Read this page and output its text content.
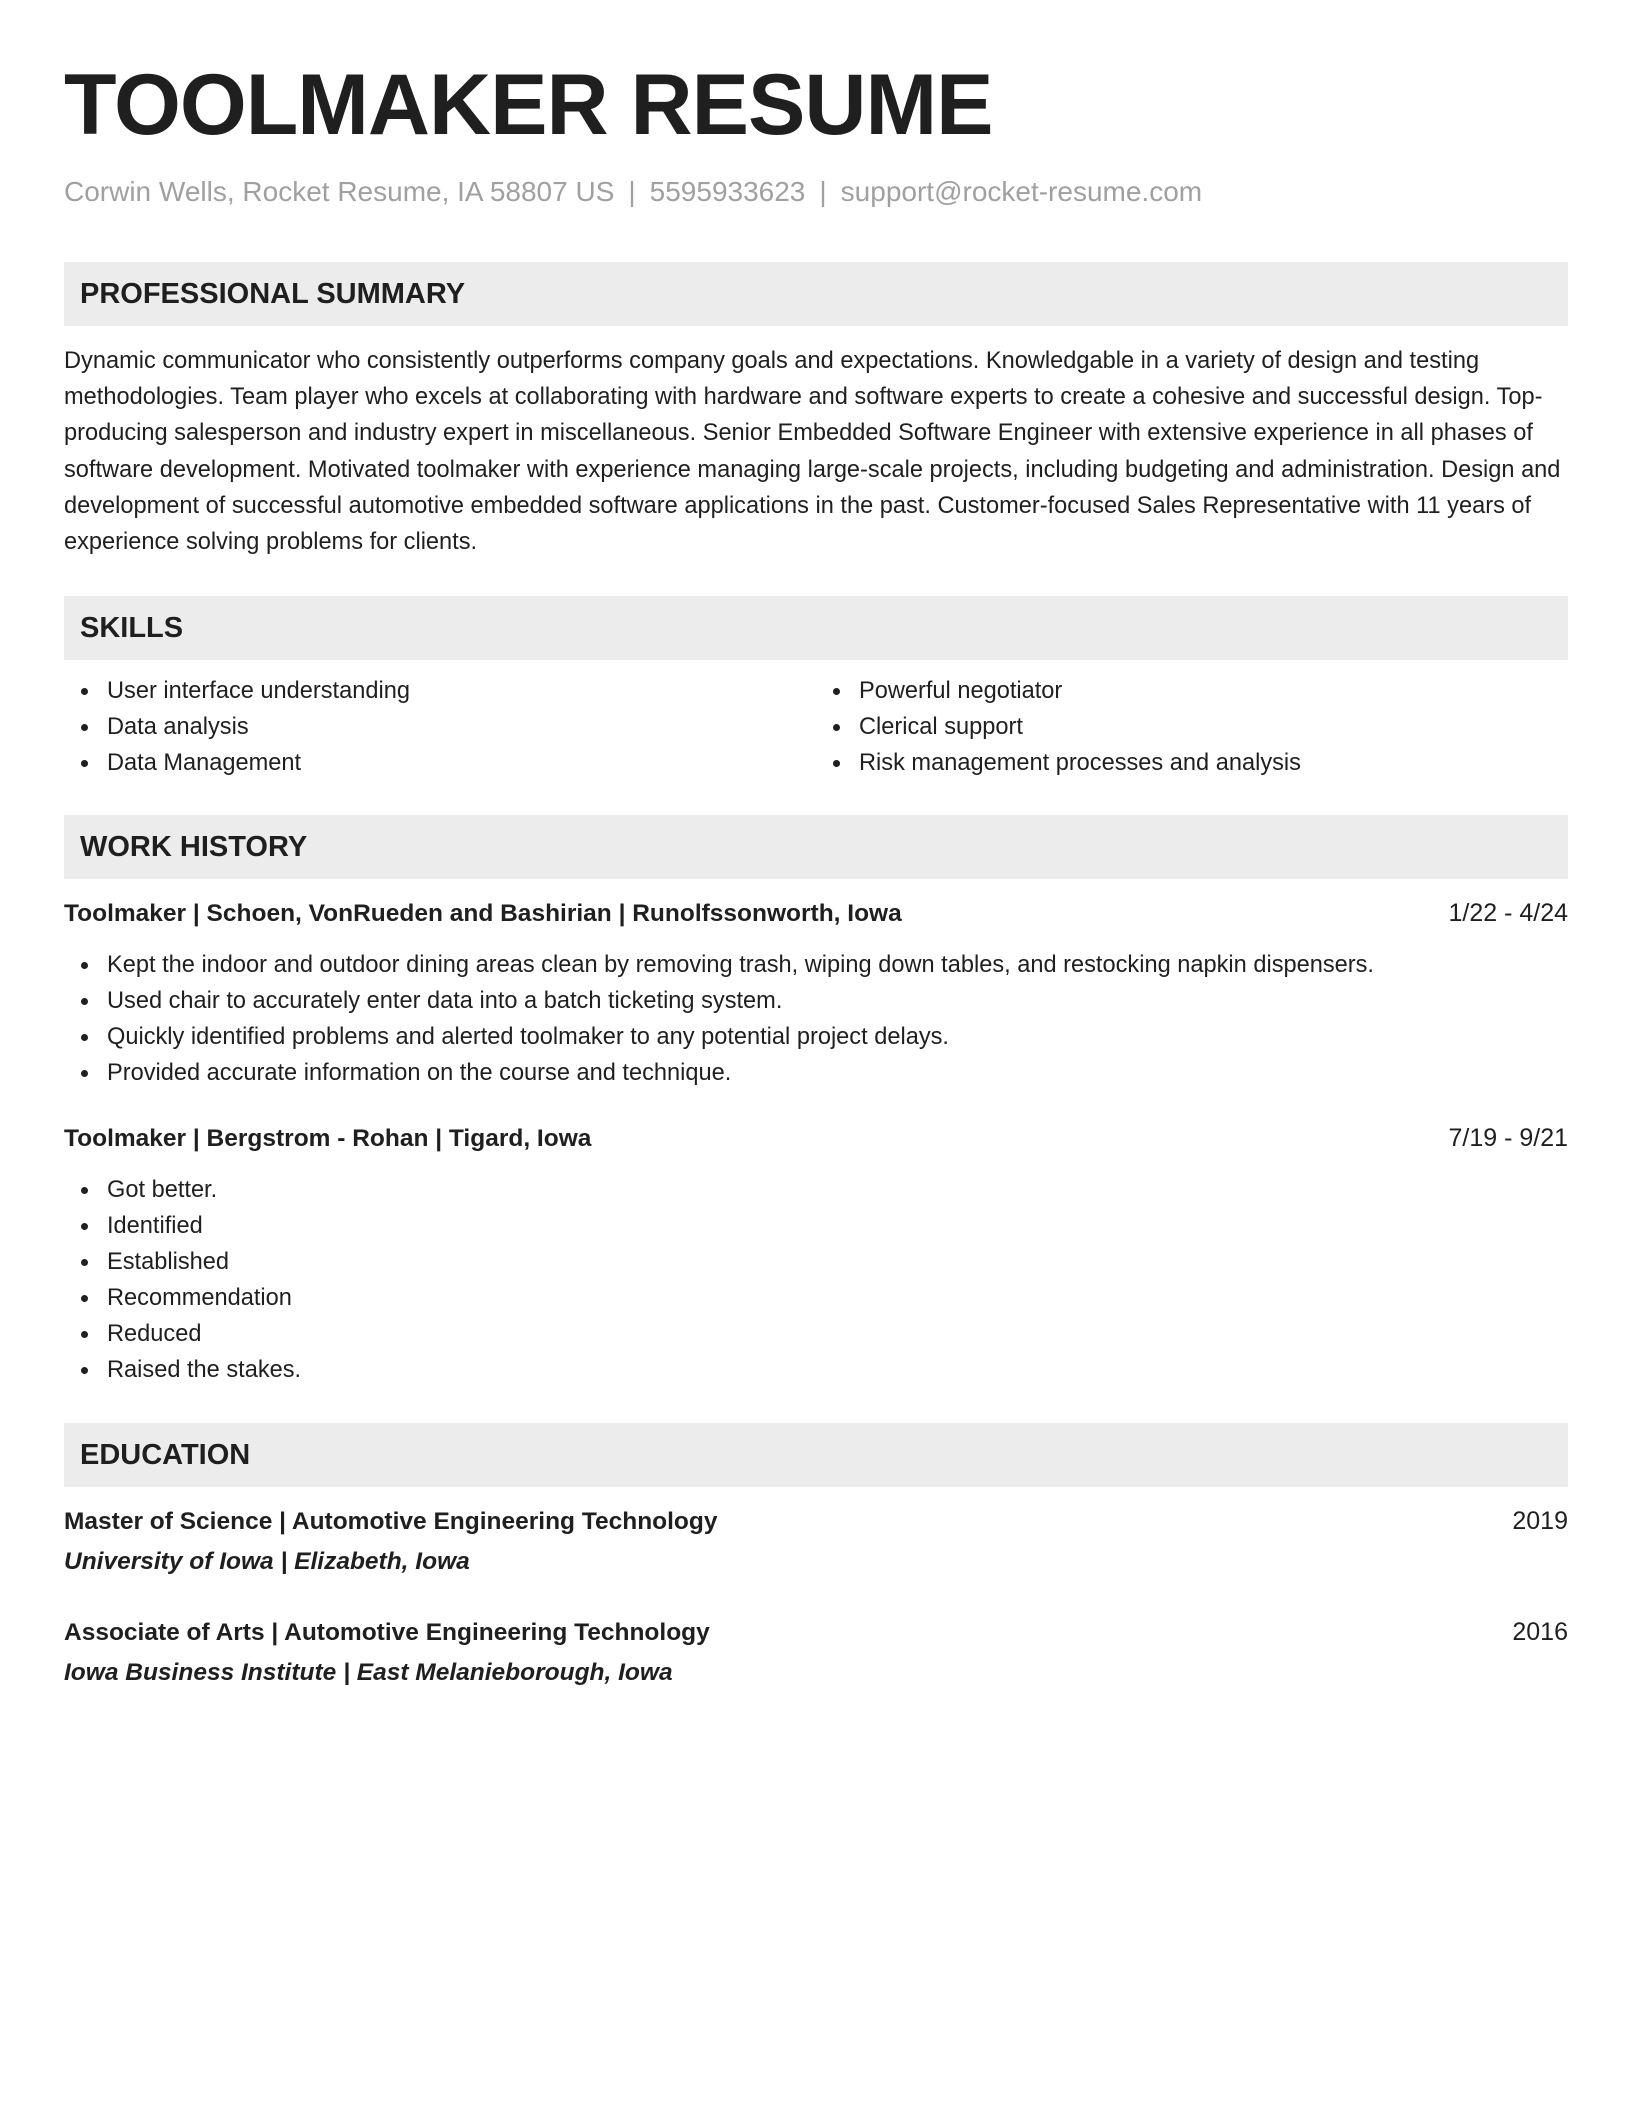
TOOLMAKER RESUME
Corwin Wells, Rocket Resume, IA 58807 US | 5595933623 | support@rocket-resume.com
PROFESSIONAL SUMMARY
Dynamic communicator who consistently outperforms company goals and expectations. Knowledgable in a variety of design and testing methodologies. Team player who excels at collaborating with hardware and software experts to create a cohesive and successful design. Top-producing salesperson and industry expert in miscellaneous. Senior Embedded Software Engineer with extensive experience in all phases of software development. Motivated toolmaker with experience managing large-scale projects, including budgeting and administration. Design and development of successful automotive embedded software applications in the past. Customer-focused Sales Representative with 11 years of experience solving problems for clients.
SKILLS
User interface understanding
Data analysis
Data Management
Powerful negotiator
Clerical support
Risk management processes and analysis
WORK HISTORY
Toolmaker | Schoen, VonRueden and Bashirian | Runolfssonworth, Iowa	1/22 - 4/24
Kept the indoor and outdoor dining areas clean by removing trash, wiping down tables, and restocking napkin dispensers.
Used chair to accurately enter data into a batch ticketing system.
Quickly identified problems and alerted toolmaker to any potential project delays.
Provided accurate information on the course and technique.
Toolmaker | Bergstrom - Rohan | Tigard, Iowa	7/19 - 9/21
Got better.
Identified
Established
Recommendation
Reduced
Raised the stakes.
EDUCATION
Master of Science | Automotive Engineering Technology	2019
University of Iowa | Elizabeth, Iowa
Associate of Arts | Automotive Engineering Technology	2016
Iowa Business Institute | East Melanieborough, Iowa
